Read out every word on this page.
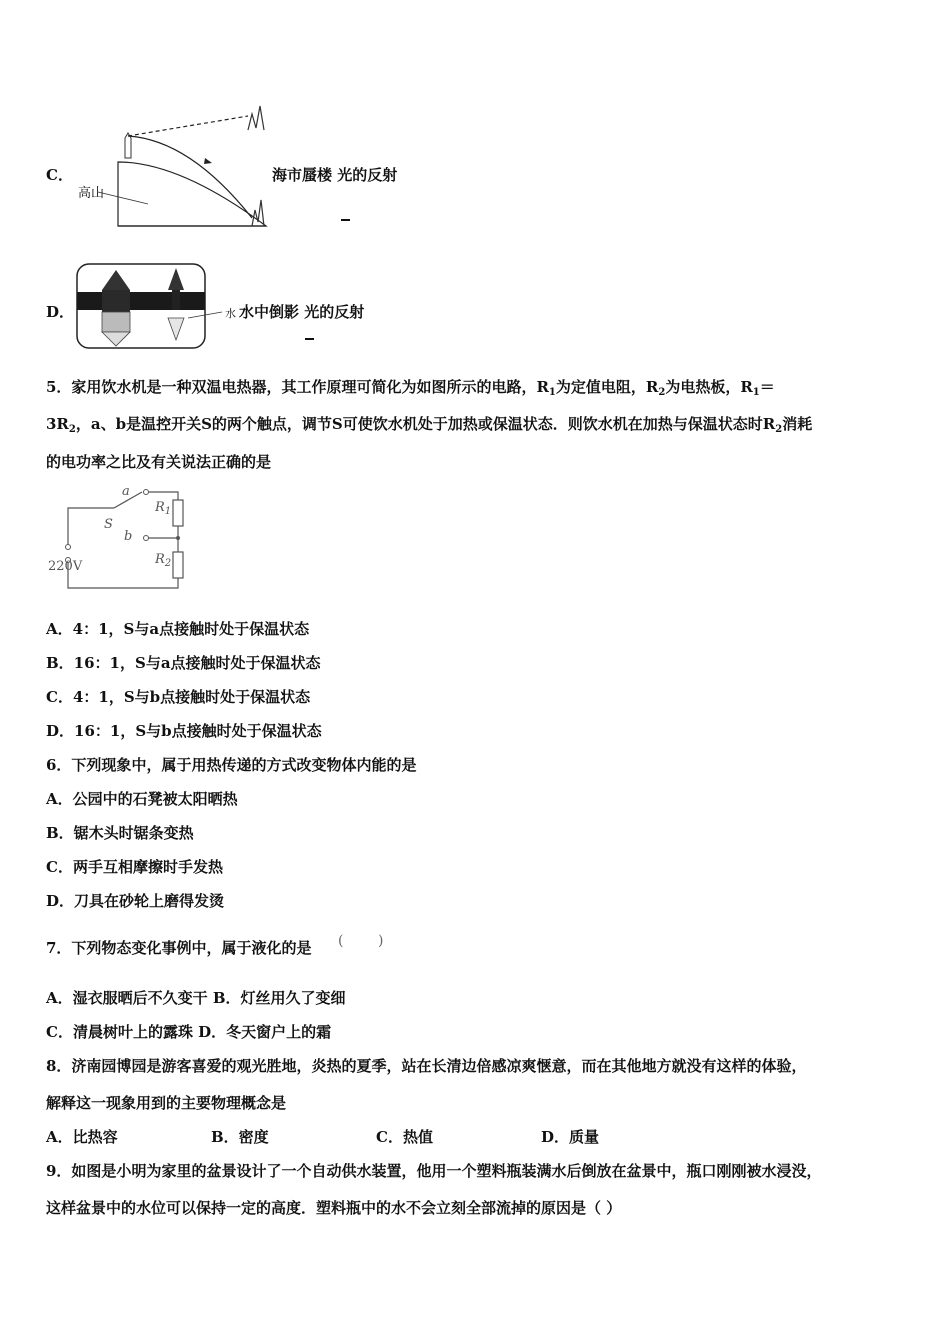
C．
高山
海市蜃楼 光的反射
D．	水 水中倒影 光的反射
5．家用饮水机是一种双温电热器，其工作原理可简化为如图所示的电路，$R_1$为定值电阻，$R_2$为电热板，$R_1=$
$3R_2$，a、b是温控开关S的两个触点，调节S可使饮水机处于加热或保温状态．则饮水机在加热与保温状态时$R_2$消耗
的电功率之比及有关说法正确的是
a
S
b
$R_1$
$R_2$
220V
A．4：1，S与a点接触时处于保温状态
B．16：1，S与a点接触时处于保温状态
C．4：1，S与b点接触时处于保温状态
D．16：1，S与b点接触时处于保温状态
6．下列现象中，属于用热传递的方式改变物体内能的是
A．公园中的石凳被太阳晒热
B．锯木头时锯条变热
C．两手互相摩擦时手发热
D．刀具在砂轮上磨得发烫
7．下列物态变化事例中，属于液化的是 ( )
A．湿衣服晒后不久变干 B．灯丝用久了变细
C．清晨树叶上的露珠 D．冬天窗户上的霜
8．济南园博园是游客喜爱的观光胜地，炎热的夏季，站在长清边倍感凉爽惬意，而在其他地方就没有这样的体验，
解释这一现象用到的主要物理概念是
A．比热容	B．密度	C．热值	D．质量
9．如图是小明为家里的盆景设计了一个自动供水装置，他用一个塑料瓶装满水后倒放在盆景中，瓶口刚刚被水浸没，
这样盆景中的水位可以保持一定的高度．塑料瓶中的水不会立刻全部流掉的原因是（ ）
